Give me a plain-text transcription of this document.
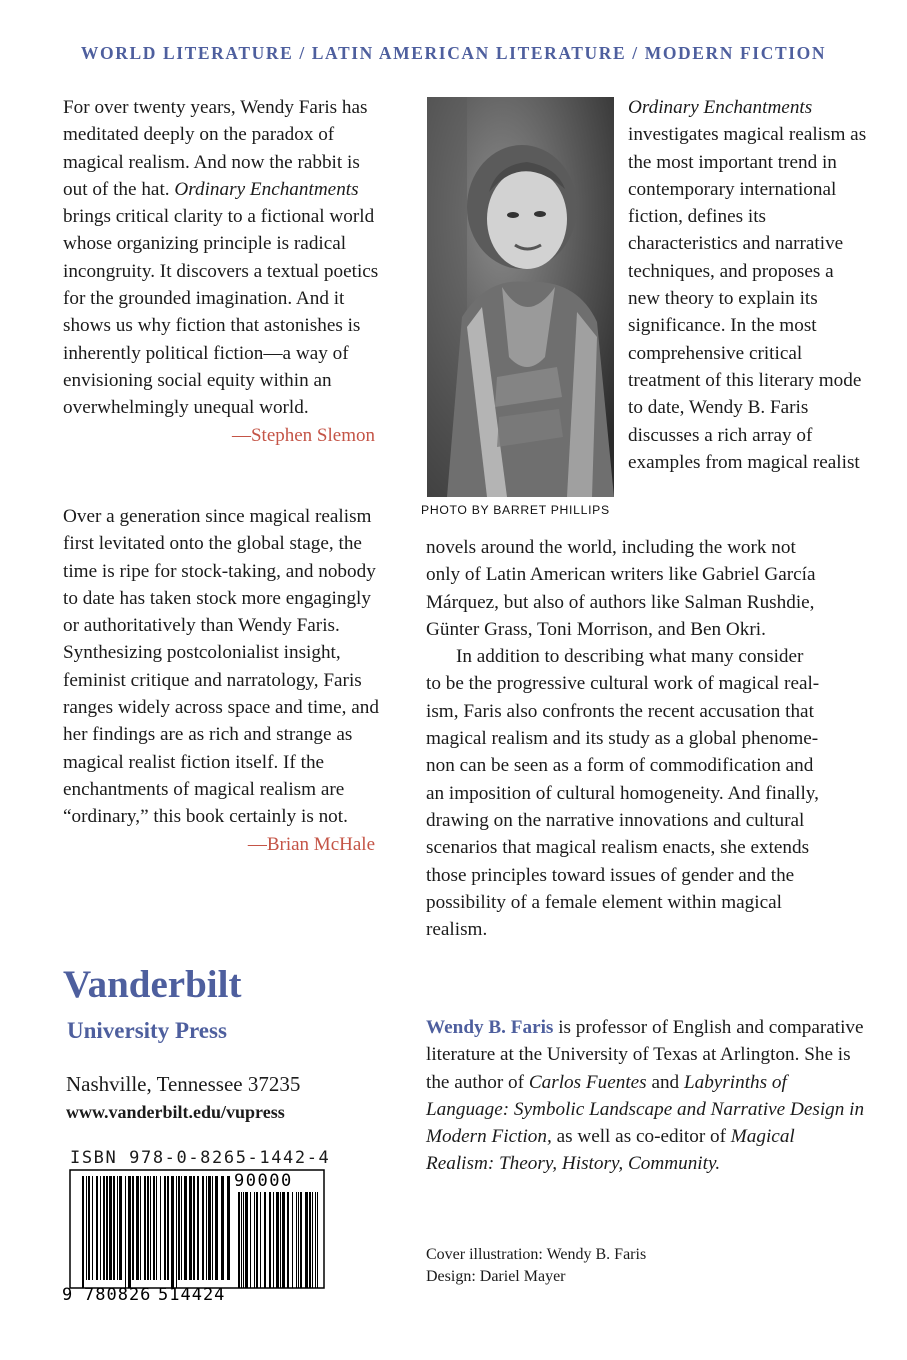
WORLD LITERATURE / LATIN AMERICAN LITERATURE / MODERN FICTION

For over twenty years, Wendy Faris has meditated deeply on the paradox of magical realism. And now the rabbit is out of the hat. Ordinary Enchantments brings critical clarity to a fictional world whose organizing principle is radical incongruity. It discovers a textual poetics for the grounded imagination. And it shows us why fiction that astonishes is inherently political fiction—a way of envisioning social equity within an overwhelmingly unequal world.

—Stephen Slemon

Over a generation since magical realism first levitated onto the global stage, the time is ripe for stock-taking, and nobody to date has taken stock more engagingly or authoritatively than Wendy Faris. Synthesizing postcolonialist insight, feminist critique and narratology, Faris ranges widely across space and time, and her findings are as rich and strange as magical realist fiction itself. If the enchantments of magical realism are “ordinary,” this book certainly is not.

—Brian McHale
PHOTO BY BARRET PHILLIPS

Ordinary Enchantments investigates magical realism as the most important trend in contemporary international fiction, defines its characteristics and narrative techniques, and proposes a new theory to explain its significance. In the most comprehensive critical treatment of this literary mode to date, Wendy B. Faris discusses a rich array of examples from magical realist

novels around the world, including the work not
only of Latin American writers like Gabriel García
Márquez, but also of authors like Salman Rushdie,
Günter Grass, Toni Morrison, and Ben Okri.
In addition to describing what many consider
to be the progressive cultural work of magical real-
ism, Faris also confronts the recent accusation that
magical realism and its study as a global phenome-
non can be seen as a form of commodification and
an imposition of cultural homogeneity. And finally,
drawing on the narrative innovations and cultural
scenarios that magical realism enacts, she extends
those principles toward issues of gender and the
possibility of a female element within magical
realism.

Wendy B. Faris is professor of English and comparative literature at the University of Texas at Arlington. She is the author of Carlos Fuentes and Labyrinths of Language: Symbolic Landscape and Narrative Design in Modern Fiction, as well as co-editor of Magical Realism: Theory, History, Community.

Cover illustration: Wendy B. Faris
Design: Dariel Mayer
Vanderbilt
University Press
Nashville, Tennessee 37235
www.vanderbilt.edu/vupress
ISBN 978-0-8265-1442-4
90000
9 780826 514424
